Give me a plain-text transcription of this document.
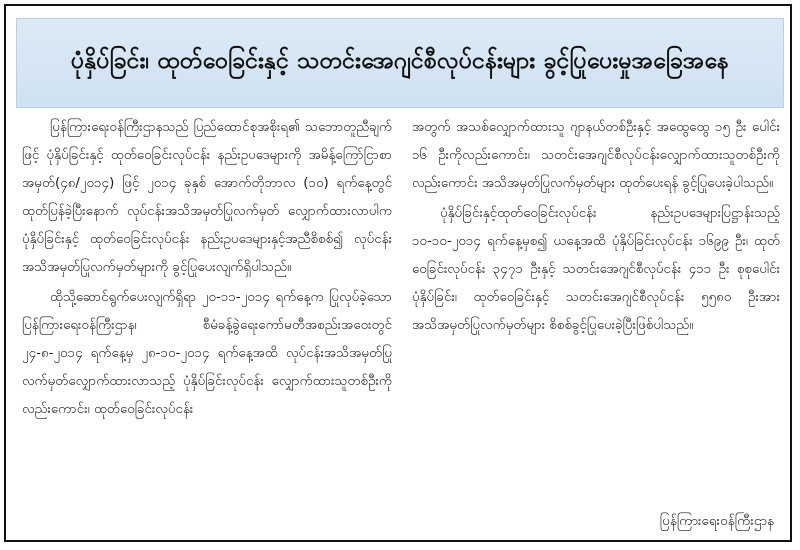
ပုံနှိပ်ခြင်း၊ ထုတ်ဝေခြင်းနှင့် သတင်းအေဂျင်စီလုပ်ငန်းများ ခွင့်ပြုပေးမှုအခြေအနေ

ပြန်ကြားရေးဝန်ကြီးဌာနသည် ပြည်ထောင်စုအစိုးရ၏ သဘောတူညီချက်ဖြင့် ပုံနှိပ်ခြင်းနှင့် ထုတ်ဝေခြင်းလုပ်ငန်း နည်းဥပဒေများကို အမိန့်ကြော်ငြာစာအမှတ်(၄၈/၂၀၁၄) ဖြင့် ၂၀၁၄ ခုနှစ် အောက်တိုဘာလ (၁၀) ရက်နေ့တွင် ထုတ်ပြန်ခဲ့ပြီးနောက် လုပ်ငန်းအသိအမှတ်ပြုလက်မှတ် လျှောက်ထားလာပါက ပုံနှိပ်ခြင်းနှင့် ထုတ်ဝေခြင်းလုပ်ငန်း နည်းဥပဒေများနှင့်အညီစိစစ်၍ လုပ်ငန်းအသိအမှတ်ပြုလက်မှတ်များကို ခွင့်ပြုပေးလျက်ရှိပါသည်။

ထိုသို့ဆောင်ရွက်ပေးလျက်ရှိရာ ၂၀-၁၁-၂၀၁၄ ရက်နေ့က ပြုလုပ်ခဲ့သော ပြန်ကြားရေးဝန်ကြီးဌာန၊ စီမံခန့်ခွဲရေးကော်မတီအစည်းအဝေးတွင် ၂၄-၈-၂၀၁၄ ရက်နေ့မှ ၂၈-၁၀-၂၀၁၄ ရက်နေ့အထိ လုပ်ငန်းအသိအမှတ်ပြုလက်မှတ်လျှောက်ထားလာသည့် ပုံနှိပ်ခြင်းလုပ်ငန်း လျှောက်ထားသူတစ်ဦးကိုလည်းကောင်း၊ ထုတ်ဝေခြင်းလုပ်ငန်း

အတွက် အသစ်လျှောက်ထားသူ ဂျာနယ်တစ်ဦးနှင့် အထွေထွေ ၁၅ ဦး ပေါင်း ၁၆ ဦးကိုလည်းကောင်း၊ သတင်းအေဂျင်စီလုပ်ငန်းလျှောက်ထားသူတစ်ဦးကိုလည်းကောင်း အသိအမှတ်ပြုလက်မှတ်များ ထုတ်ပေးရန် ခွင့်ပြုပေးခဲ့ပါသည်။

ပုံနှိပ်ခြင်းနှင့်ထုတ်ဝေခြင်းလုပ်ငန်း နည်းဥပဒေများပြဋ္ဌာန်းသည့် ၁၀-၁၀-၂၀၁၄ ရက်နေ့မှစ၍ ယနေ့အထိ ပုံနှိပ်ခြင်းလုပ်ငန်း ၁၆၉၉ ဦး၊ ထုတ်ဝေခြင်းလုပ်ငန်း ၃၄၇၁ ဦးနှင့် သတင်းအေဂျင်စီလုပ်ငန်း ၄၁၁ ဦး စုစုပေါင်း ပုံနှိပ်ခြင်း၊ ထုတ်ဝေခြင်းနှင့် သတင်းအေဂျင်စီလုပ်ငန်း ၅၅၈၀ ဦးအား အသိအမှတ်ပြုလက်မှတ်များ စိစစ်ခွင့်ပြုပေးခဲ့ပြီးဖြစ်ပါသည်။

ပြန်ကြားရေးဝန်ကြီးဌာန
